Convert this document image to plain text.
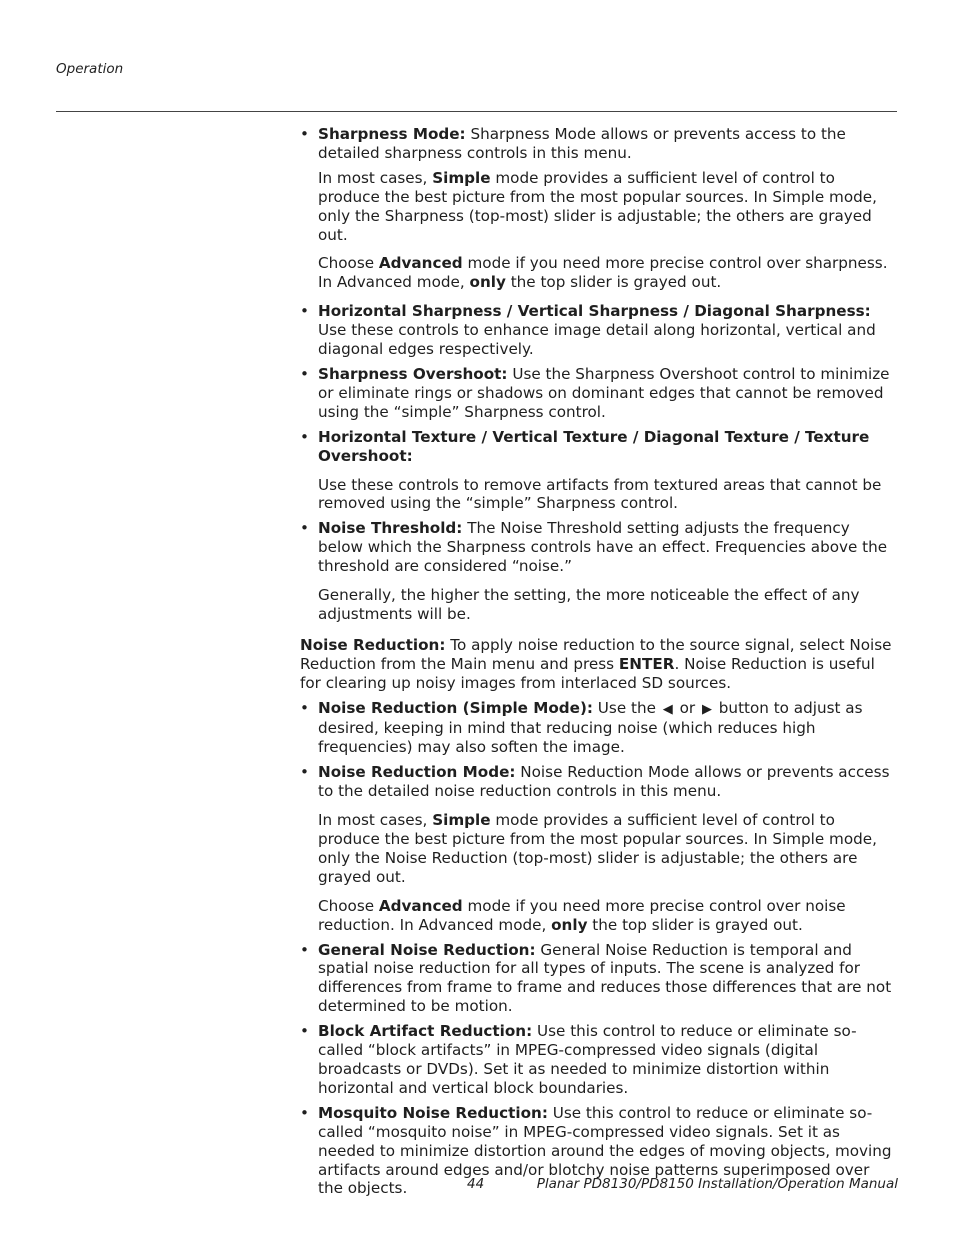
Operation
• Sharpness Mode: Sharpness Mode allows or prevents access to the detailed sharpness controls in this menu.
In most cases, Simple mode provides a sufficient level of control to produce the best picture from the most popular sources. In Simple mode, only the Sharpness (top-most) slider is adjustable; the others are grayed out.
Choose Advanced mode if you need more precise control over sharpness. In Advanced mode, only the top slider is grayed out.
• Horizontal Sharpness / Vertical Sharpness / Diagonal Sharpness: Use these controls to enhance image detail along horizontal, vertical and diagonal edges respectively.
• Sharpness Overshoot: Use the Sharpness Overshoot control to minimize or eliminate rings or shadows on dominant edges that cannot be removed using the “simple” Sharpness control.
• Horizontal Texture / Vertical Texture / Diagonal Texture / Texture Overshoot:
Use these controls to remove artifacts from textured areas that cannot be removed using the “simple” Sharpness control.
• Noise Threshold: The Noise Threshold setting adjusts the frequency below which the Sharpness controls have an effect. Frequencies above the threshold are considered “noise.”
Generally, the higher the setting, the more noticeable the effect of any adjustments will be.
Noise Reduction: To apply noise reduction to the source signal, select Noise Reduction from the Main menu and press ENTER. Noise Reduction is useful for clearing up noisy images from interlaced SD sources.
• Noise Reduction (Simple Mode): Use the ◀ or ▶ button to adjust as desired, keeping in mind that reducing noise (which reduces high frequencies) may also soften the image.
• Noise Reduction Mode: Noise Reduction Mode allows or prevents access to the detailed noise reduction controls in this menu.
In most cases, Simple mode provides a sufficient level of control to produce the best picture from the most popular sources. In Simple mode, only the Noise Reduction (top-most) slider is adjustable; the others are grayed out.
Choose Advanced mode if you need more precise control over noise reduction. In Advanced mode, only the top slider is grayed out.
• General Noise Reduction: General Noise Reduction is temporal and spatial noise reduction for all types of inputs. The scene is analyzed for differences from frame to frame and reduces those differences that are not determined to be motion.
• Block Artifact Reduction: Use this control to reduce or eliminate so-called “block artifacts” in MPEG-compressed video signals (digital broadcasts or DVDs). Set it as needed to minimize distortion within horizontal and vertical block boundaries.
• Mosquito Noise Reduction: Use this control to reduce or eliminate so-called “mosquito noise” in MPEG-compressed video signals. Set it as needed to minimize distortion around the edges of moving objects, moving artifacts around edges and/or blotchy noise patterns superimposed over the objects.	44	Planar PD8130/PD8150 Installation/Operation Manual
